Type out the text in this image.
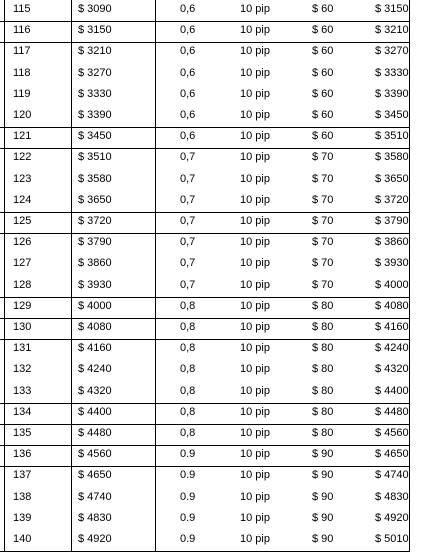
115	$ 3090	0,6	10 pip	$ 60	$ 3150
116	$ 3150	0,6	10 pip	$ 60	$ 3210
117	$ 3210	0,6	10 pip	$ 60	$ 3270
118	$ 3270	0,6	10 pip	$ 60	$ 3330
119	$ 3330	0,6	10 pip	$ 60	$ 3390
120	$ 3390	0,6	10 pip	$ 60	$ 3450
121	$ 3450	0,6	10 pip	$ 60	$ 3510
122	$ 3510	0,7	10 pip	$ 70	$ 3580
123	$ 3580	0,7	10 pip	$ 70	$ 3650
124	$ 3650	0,7	10 pip	$ 70	$ 3720
125	$ 3720	0,7	10 pip	$ 70	$ 3790
126	$ 3790	0,7	10 pip	$ 70	$ 3860
127	$ 3860	0,7	10 pip	$ 70	$ 3930
128	$ 3930	0,7	10 pip	$ 70	$ 4000
129	$ 4000	0,8	10 pip	$ 80	$ 4080
130	$ 4080	0,8	10 pip	$ 80	$ 4160
131	$ 4160	0,8	10 pip	$ 80	$ 4240
132	$ 4240	0,8	10 pip	$ 80	$ 4320
133	$ 4320	0,8	10 pip	$ 80	$ 4400
134	$ 4400	0,8	10 pip	$ 80	$ 4480
135	$ 4480	0,8	10 pip	$ 80	$ 4560
136	$ 4560	0.9	10 pip	$ 90	$ 4650
137	$ 4650	0.9	10 pip	$ 90	$ 4740
138	$ 4740	0.9	10 pip	$ 90	$ 4830
139	$ 4830	0.9	10 pip	$ 90	$ 4920
140	$ 4920	0.9	10 pip	$ 90	$ 5010
